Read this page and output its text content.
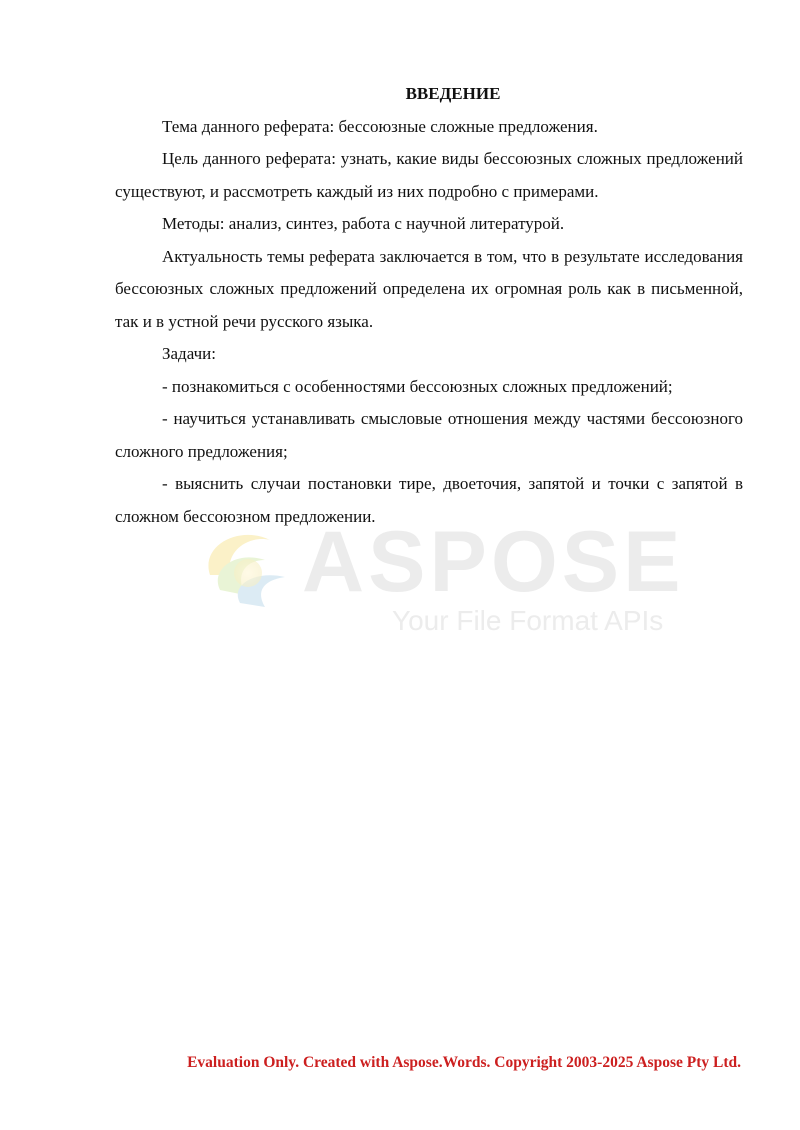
ASPOSE
Your File Format APIs

ВВЕДЕНИЕ

Тема данного реферата: бессоюзные сложные предложения.

Цель данного реферата: узнать, какие виды бессоюзных сложных предложений существуют, и рассмотреть каждый из них подробно с примерами.

Методы: анализ, синтез, работа с научной литературой.

Актуальность темы реферата заключается в том, что в результате исследования бессоюзных сложных предложений определена их огромная роль как в письменной, так и в устной речи русского языка.

Задачи:

- познакомиться с особенностями бессоюзных сложных предложений;

- научиться устанавливать смысловые отношения между частями бессоюзного сложного предложения;

- выяснить случаи постановки тире, двоеточия, запятой и точки с запятой в сложном бессоюзном предложении.

Evaluation Only. Created with Aspose.Words. Copyright 2003-2025 Aspose Pty Ltd.
